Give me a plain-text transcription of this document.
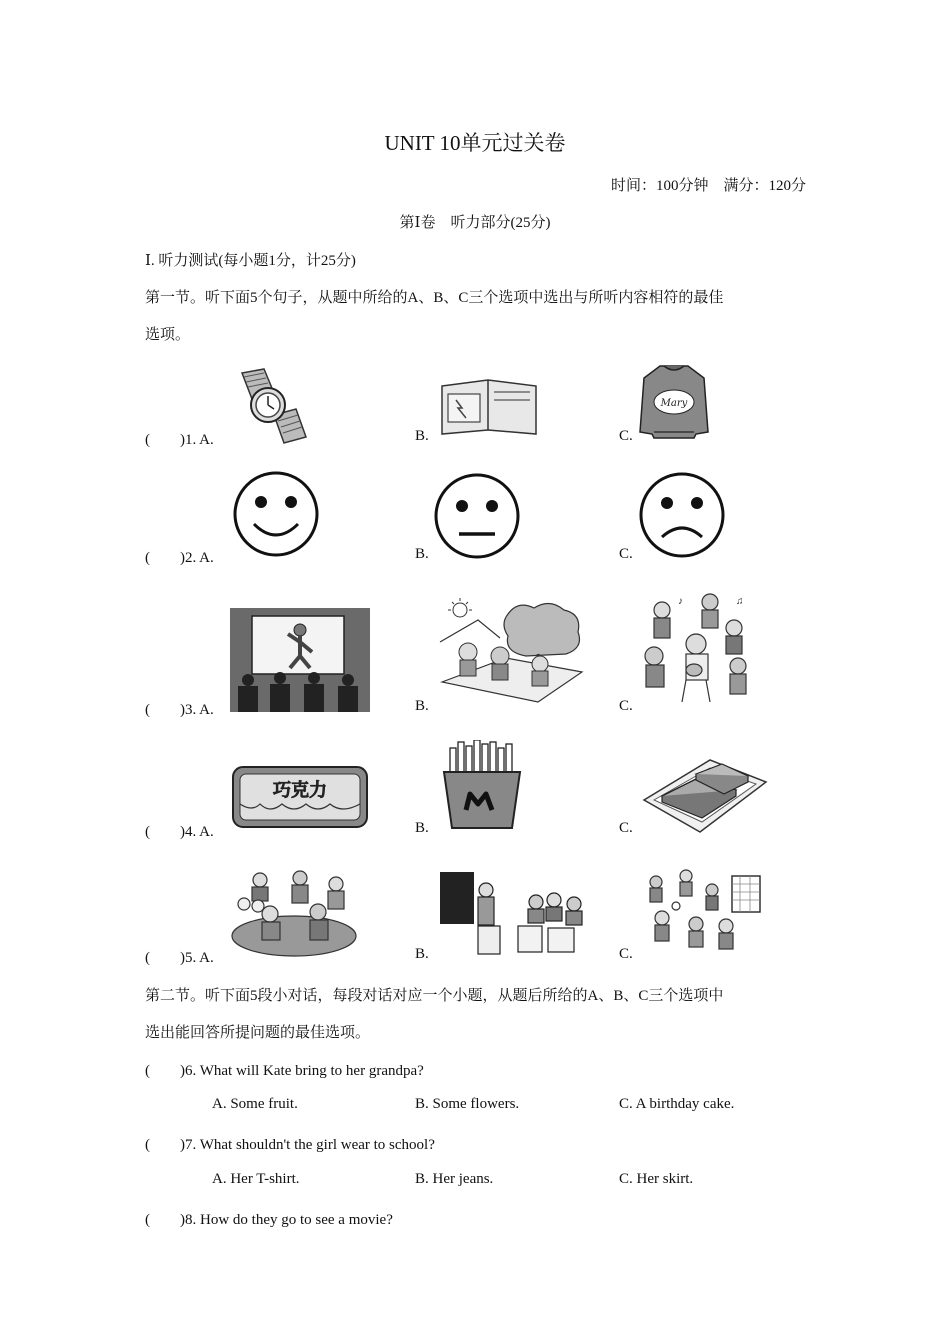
UNIT 10单元过关卷
时间：100分钟　满分：120分
第Ⅰ卷　听力部分(25分)
Ⅰ. 听力测试(每小题1分，计25分)
第一节。听下面5个句子，从题中所给的A、B、C三个选项中选出与所听内容相符的最佳
选项。
(　　)1. A.	B.	C.
Mary
(　　)2. A.	B.	C.
(　　)3. A.	B.	C.
♪	♫
(　　)4. A.	B.	C.
巧克力
(　　)5. A.	B.	C.
第二节。听下面5段小对话，每段对话对应一个小题，从题后所给的A、B、C三个选项中
选出能回答所提问题的最佳选项。
(　　)6. What will Kate bring to her grandpa?
A. Some fruit.	B. Some flowers.	C. A birthday cake.
(　　)7. What shouldn't the girl wear to school?
A. Her T-shirt.	B. Her jeans.	C. Her skirt.
(　　)8. How do they go to see a movie?
